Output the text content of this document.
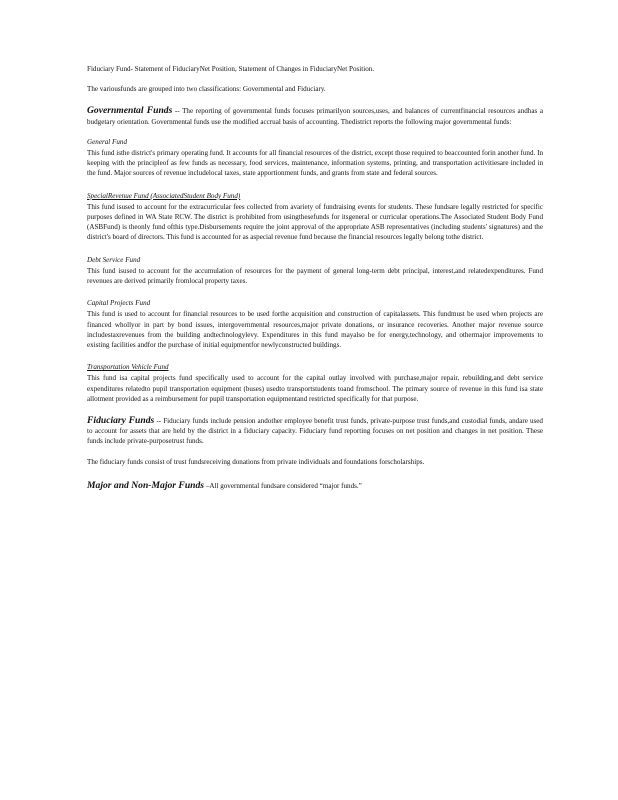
Fiduciary Fund- Statement of FiduciaryNet Position, Statement of Changes in FiduciaryNet Position.

The variousfunds are grouped into two classifications: Governmental and Fiduciary.

Governmental Funds -- The reporting of governmental funds focuses primarilyon sources,uses, and balances of currentfinancial resources andhas a budgetary orientation. Governmental funds use the modified accrual basis of accounting. Thedistrict reports the following major governmental funds:

General Fund

This fund isthe district's primary operating fund. It accounts for all financial resources of the district, except those required to beaccounted forin another fund. In keeping with the principleof as few funds as necessary, food services, maintenance, information systems, printing, and transportation activitiesare included in the fund. Major sources of revenue includelocal taxes, state apportionment funds, and grants from state and federal sources.

SpecialRevenue Fund (AssociatedStudent Body Fund)

This fund isused to account for the extracurricular fees collected from avariety of fundraising events for students. These fundsare legally restricted for specific purposes defined in WA State RCW. The district is prohibited from usingthesefunds for itsgeneral or curricular operations.The Associated Student Body Fund (ASBFund) is theonly fund ofthis type.Disbursements require the joint approval of the appropriate ASB representatives (including students' signatures) and the district's board of directors. This fund is accounted for as aspecial revenue fund because the financial resources legally belong tothe district.

Debt Service Fund

This fund isused to account for the accumulation of resources for the payment of general long-term debt principal, interest,and relatedexpenditures. Fund revenues are derived primarily fromlocal property taxes.

Capital Projects Fund

This fund is used to account for financial resources to be used forthe acquisition and construction of capitalassets. This fundmust be used when projects are financed whollyor in part by bond issues, intergovernmental resources,major private donations, or insurance recoveries. Another major revenue source includestaxrevenues from the building andtechnologylevy. Expenditures in this fund mayalso be for energy,technology, and othermajor improvements to existing facilities andfor the purchase of initial equipmentfor newlyconstructed buildings.

Transportation Vehicle Fund

This fund isa capital projects fund specifically used to account for the capital outlay involved with purchase,major repair, rebuilding,and debt service expenditures relatedto pupil transportation equipment (buses) usedto transportstudents toand fromschool. The primary source of revenue in this fund isa state allotment provided as a reimbursement for pupil transportation equipmentand restricted specifically for that purpose.

Fiduciary Funds -- Fiduciary funds include pension andother employee benefit trust funds, private-purpose trust funds,and custodial funds, andare used to account for assets that are held by the district in a fiduciary capacity. Fiduciary fund reporting focuses on net position and changes in net position. These funds include private-purposetrust funds.

The fiduciary funds consist of trust fundsreceiving donations from private individuals and foundations forscholarships.

Major and Non-Major Funds –All governmental fundsare considered “major funds.”
